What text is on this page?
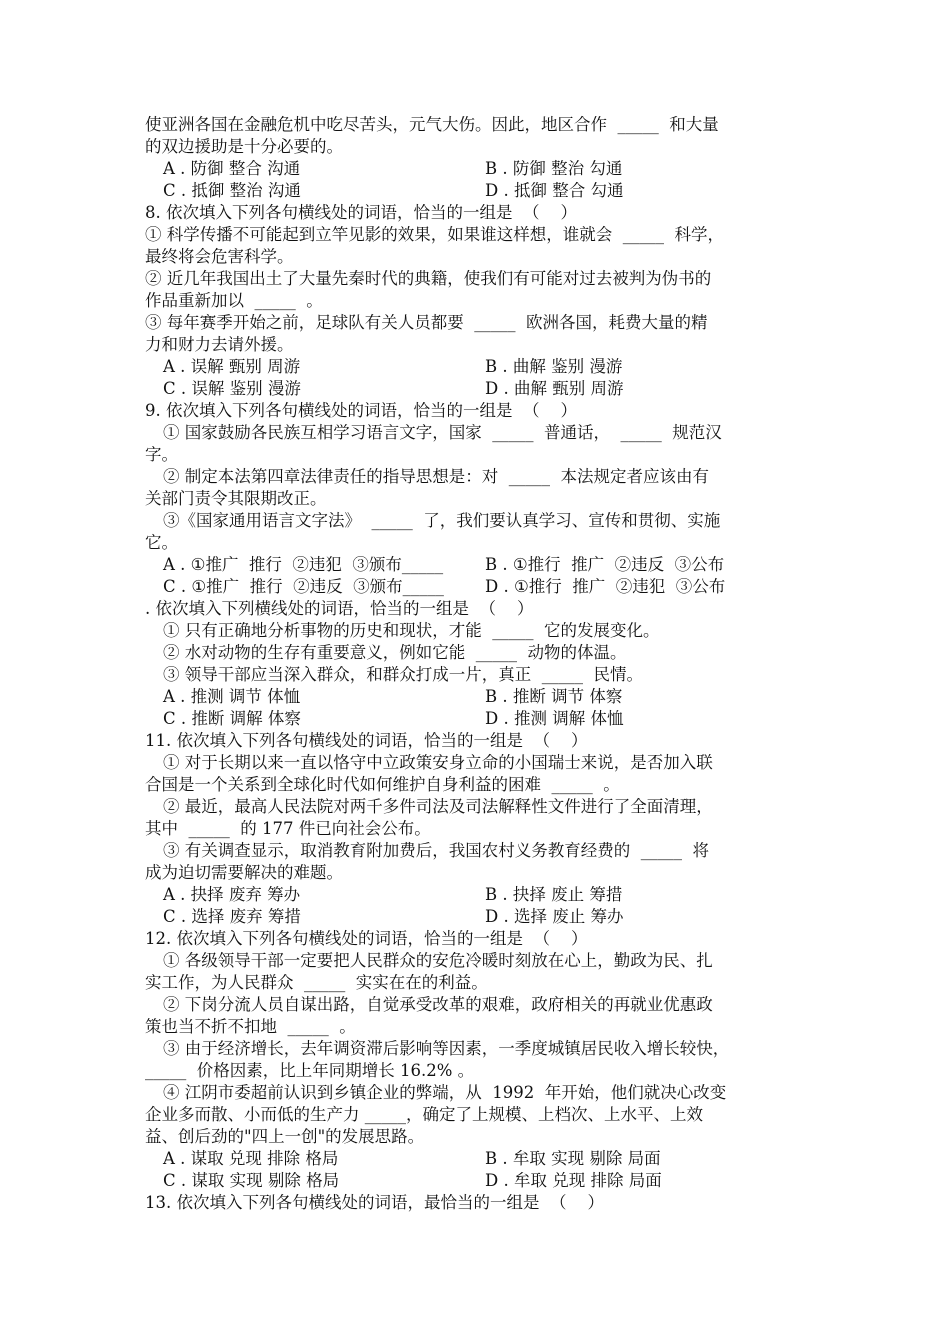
使亚洲各国在金融危机中吃尽苦头，元气大伤。因此，地区合作  _____  和大量
的双边援助是十分必要的。
A . 防御 整合 沟通	B . 防御 整治 勾通
C . 抵御 整治 沟通	D . 抵御 整合 勾通
8. 依次填入下列各句横线处的词语，恰当的一组是  （    ）
① 科学传播不可能起到立竿见影的效果，如果谁这样想，谁就会  _____  科学，
最终将会危害科学。
② 近几年我国出土了大量先秦时代的典籍，使我们有可能对过去被判为伪书的
作品重新加以  _____  。
③ 每年赛季开始之前，足球队有关人员都要  _____  欧洲各国，耗费大量的精
力和财力去请外援。
A . 误解 甄别 周游	B . 曲解 鉴别 漫游
C . 误解 鉴别 漫游	D . 曲解 甄别 周游
9. 依次填入下列各句横线处的词语，恰当的一组是  （    ）
① 国家鼓励各民族互相学习语言文字，国家  _____  普通话，  _____  规范汉
字。
② 制定本法第四章法律责任的指导思想是：对  _____  本法规定者应该由有
关部门责令其限期改正。
③《国家通用语言文字法》  _____  了，我们要认真学习、宣传和贯彻、实施
它。
A . ①推广  推行  ②违犯  ③颁布_____	B . ①推行  推广  ②违反  ③公布
C . ①推广  推行  ②违反  ③颁布_____	D . ①推行  推广  ②违犯  ③公布
. 依次填入下列横线处的词语，恰当的一组是  （    ）
① 只有正确地分析事物的历史和现状，才能  _____  它的发展变化。
② 水对动物的生存有重要意义，例如它能  _____  动物的体温。
③ 领导干部应当深入群众，和群众打成一片，真正  _____  民情。
A . 推测 调节 体恤	B . 推断 调节 体察
C . 推断 调解 体察	D . 推测 调解 体恤
11. 依次填入下列各句横线处的词语，恰当的一组是  （    ）
① 对于长期以来一直以恪守中立政策安身立命的小国瑞士来说，是否加入联
合国是一个关系到全球化时代如何维护自身利益的困难  _____  。
② 最近，最高人民法院对两千多件司法及司法解释性文件进行了全面清理，
其中  _____  的 177 件已向社会公布。
③ 有关调查显示，取消教育附加费后，我国农村义务教育经费的  _____  将
成为迫切需要解决的难题。
A . 抉择 废弃 筹办	B . 抉择 废止 筹措
C . 选择 废弃 筹措	D . 选择 废止 筹办
12. 依次填入下列各句横线处的词语，恰当的一组是  （    ）
① 各级领导干部一定要把人民群众的安危冷暖时刻放在心上，勤政为民、扎
实工作，为人民群众  _____  实实在在的利益。
② 下岗分流人员自谋出路，自觉承受改革的艰难，政府相关的再就业优惠政
策也当不折不扣地  _____  。
③ 由于经济增长，去年调资滞后影响等因素，一季度城镇居民收入增长较快，
_____  价格因素，比上年同期增长 16.2% 。
④ 江阴市委超前认识到乡镇企业的弊端，从  1992  年开始，他们就决心改变
企业多而散、小而低的生产力 _____，确定了上规模、上档次、上水平、上效
益、创后劲的"四上一创"的发展思路。
A . 谋取 兑现 排除 格局	B . 牟取 实现 剔除 局面
C . 谋取 实现 剔除 格局	D . 牟取 兑现 排除 局面
13. 依次填入下列各句横线处的词语，最恰当的一组是  （    ）
